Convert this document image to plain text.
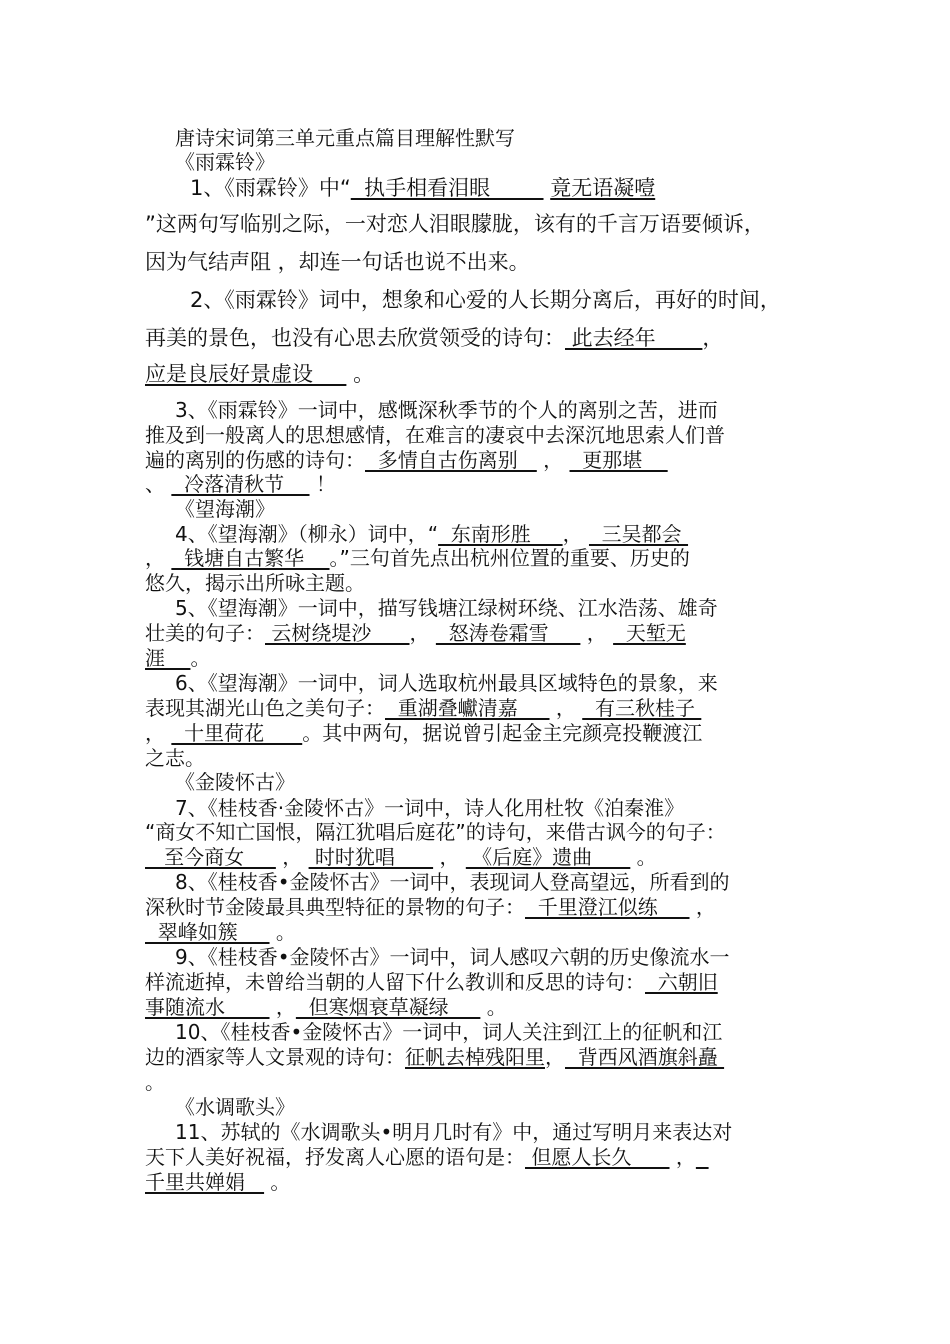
唐诗宋词第三单元重点篇目理解性默写
《雨霖铃》
1、《雨霖铃》中“  执手相看泪眼         竟无语凝噎
”这两句写临别之际，一对恋人泪眼朦胧，该有的千言万语要倾诉，
因为气结声阻 ，却连一句话也说不出来。
2、《雨霖铃》词中，想象和心爱的人长期分离后，再好的时间，
再美的景色，也没有心思去欣赏领受的诗句： 此去经年       ，
应是良辰好景虚设      。
3、《雨霖铃》一词中，感慨深秋季节的个人的离别之苦，进而
推及到一般离人的思想感情，在难言的凄哀中去深沉地思索人们普
遍的离别的伤感的诗句：  多情自古伤离别    ，   更那堪
、   冷落清秋节     ！
《望海潮》
4、《望海潮》（柳永）词中，“  东南形胜     ，   三吴都会
，   钱塘自古繁华    。”三句首先点出杭州位置的重要、历史的
悠久，揭示出所咏主题。
5、《望海潮》一词中，描写钱塘江绿树环绕、江水浩荡、雄奇
壮美的句子： 云树绕堤沙      ，   怒涛卷霜雪      ，   天堑无
涯    。
6、《望海潮》一词中，词人选取杭州最具区域特色的景象，来
表现其湖光山色之美句子：  重湖叠巘清嘉      ，   有三秋桂子
，   十里荷花      。其中两句，据说曾引起金主完颜亮投鞭渡江
之志。
《金陵怀古》
7、《桂枝香·金陵怀古》一词中，诗人化用杜牧《泊秦淮》
“商女不知亡国恨，隔江犹唱后庭花”的诗句，来借古讽今的句子：
至今商女      ，  时时犹唱       ，  《后庭》遗曲       。
8、《桂枝香•金陵怀古》一词中，表现词人登高望远，所看到的
深秋时节金陵最具典型特征的景物的句子：  千里澄江似练      ，
翠峰如簇      。
9、《桂枝香•金陵怀古》一词中，词人感叹六朝的历史像流水一
样流逝掉，未曾给当朝的人留下什么教训和反思的诗句：  六朝旧
事随流水        ，  但寒烟衰草凝绿      。
10、《桂枝香•金陵怀古》一词中，词人关注到江上的征帆和江
边的酒家等人文景观的诗句：征帆去棹残阳里，  背西风酒旗斜矗
。
《水调歌头》
11、苏轼的《水调歌头•明月几时有》中，通过写明月来表达对
天下人美好祝福，抒发离人心愿的语句是： 但愿人长久       ，
千里共婵娟    。
